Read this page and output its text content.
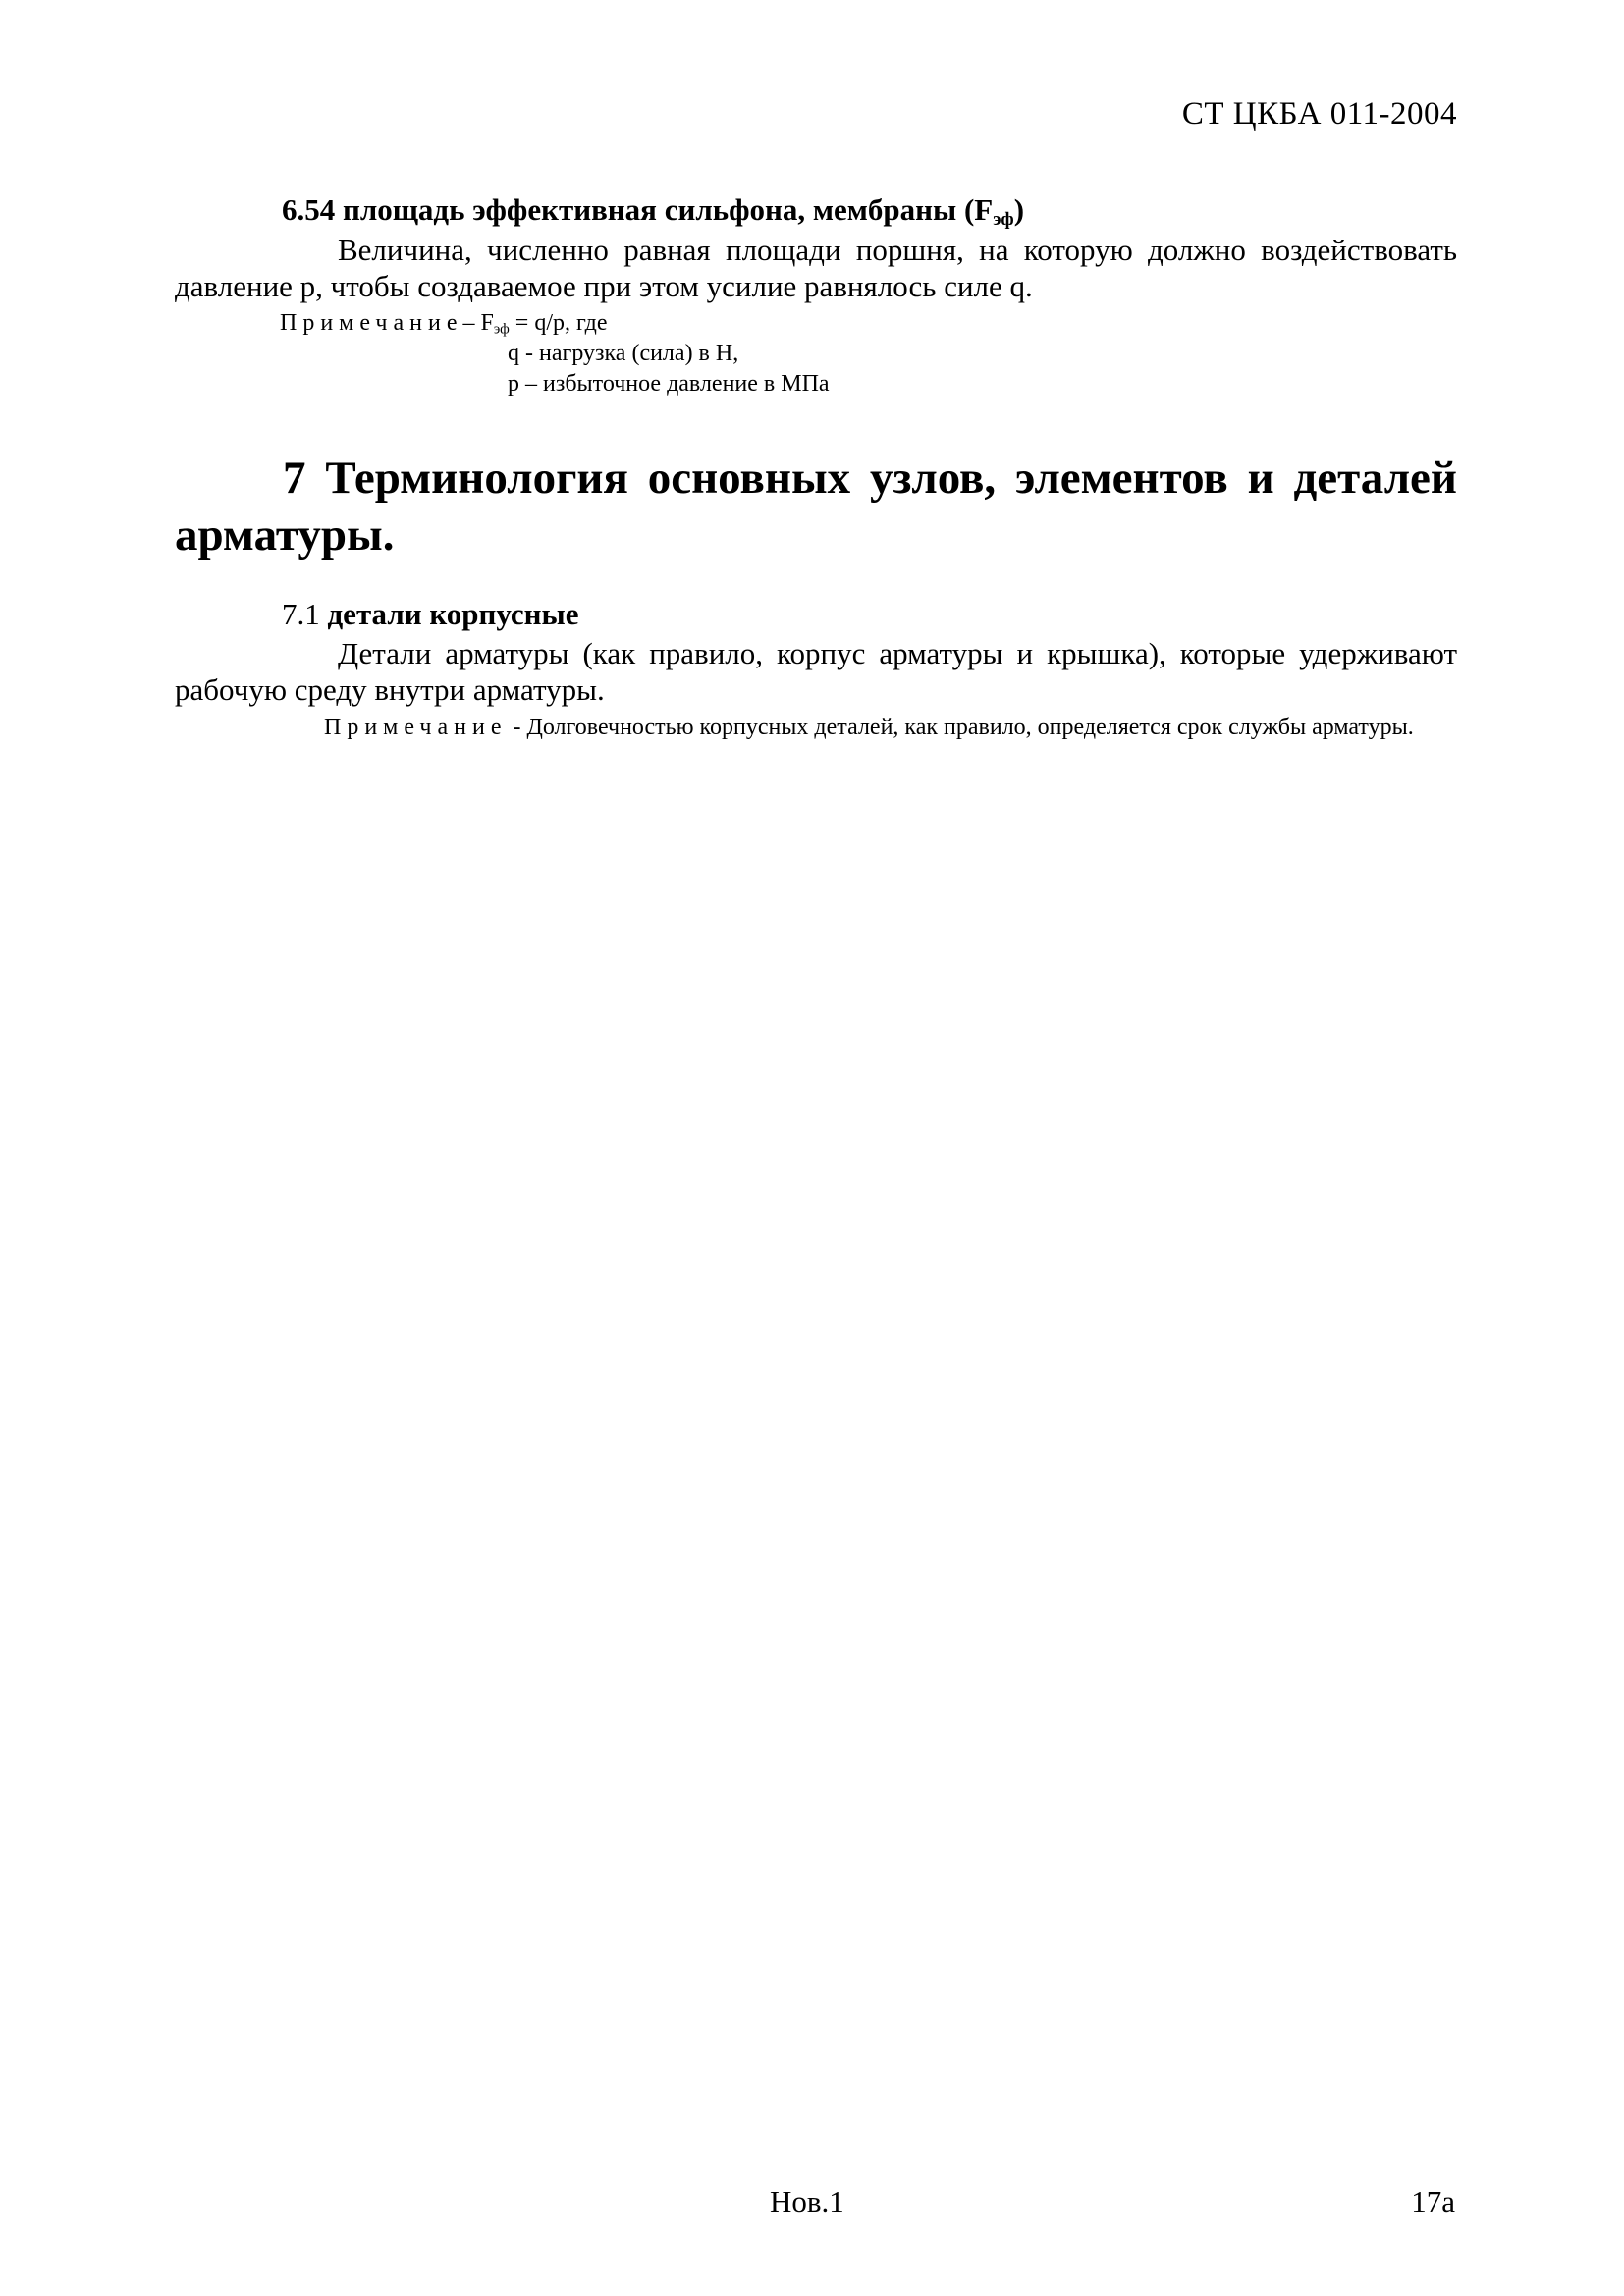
СТ ЦКБА 011-2004
6.54 площадь эффективная сильфона, мембраны $(F_{эф})$
Величина, численно равная площади поршня, на которую должно воздействовать давление р, чтобы создаваемое при этом усилие равнялось силе q.
Примечание– $F_{эф} = q/p$, где
q - нагрузка (сила) в Н,
p – избыточное давление в МПа
7 Терминология основных узлов, элементов и деталей арматуры.
7.1 детали корпусные
Детали арматуры (как правило, корпус арматуры и крышка), которые удерживают рабочую среду внутри арматуры.
Примечание - Долговечностью корпусных деталей, как правило, определяется срок службы арматуры.
Нов.1	17а
